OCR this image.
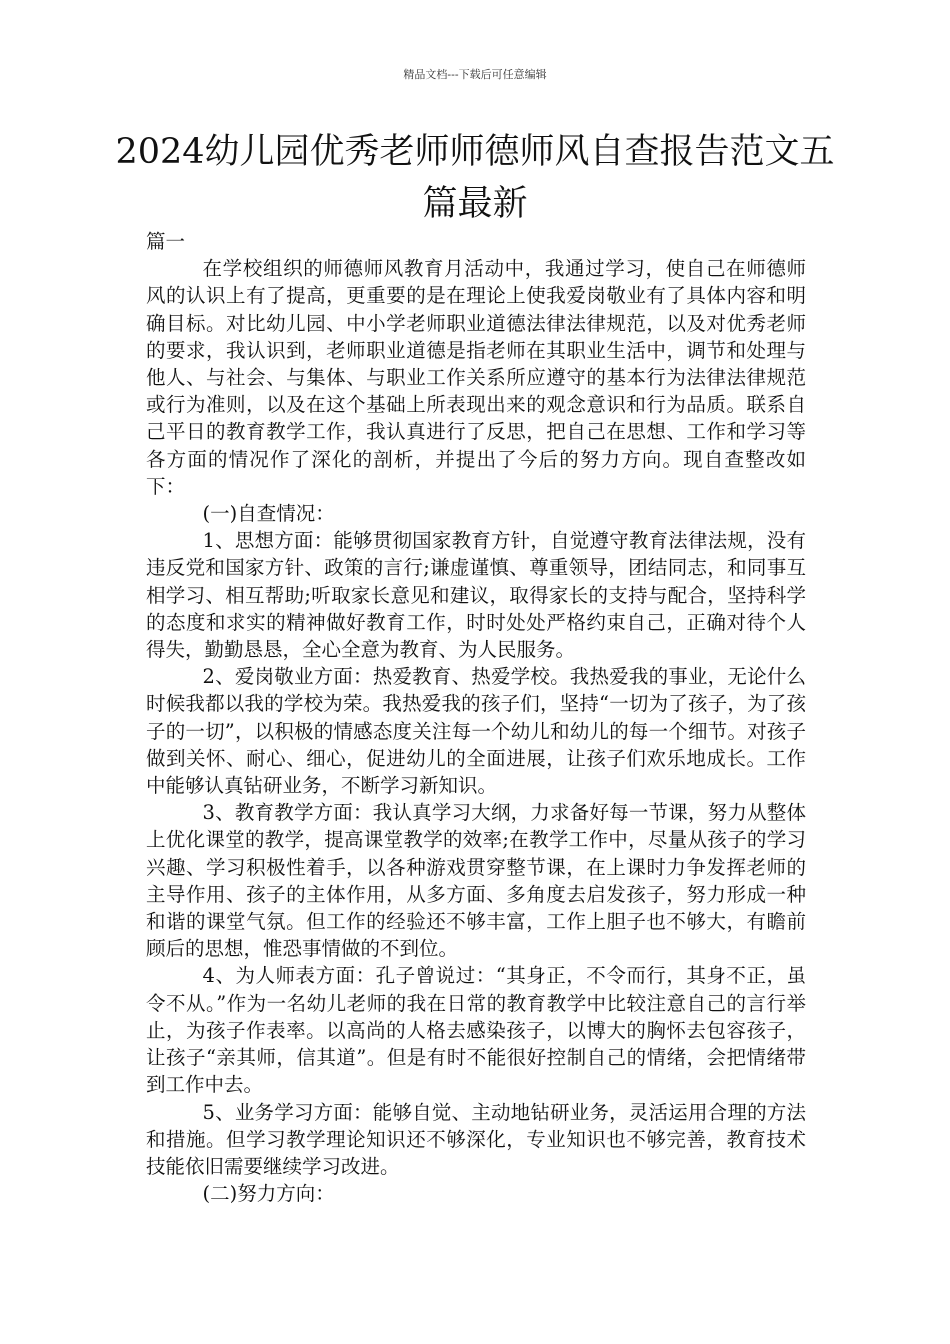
精品文档---下载后可任意编辑
2024幼儿园优秀老师师德师风自查报告范文五篇最新

篇一

在学校组织的师德师风教育月活动中，我通过学习，使自己在师德师风的认识上有了提高，更重要的是在理论上使我爱岗敬业有了具体内容和明确目标。对比幼儿园、中小学老师职业道德法律法律规范，以及对优秀老师的要求，我认识到，老师职业道德是指老师在其职业生活中，调节和处理与他人、与社会、与集体、与职业工作关系所应遵守的基本行为法律法律规范或行为准则，以及在这个基础上所表现出来的观念意识和行为品质。联系自己平日的教育教学工作，我认真进行了反思，把自己在思想、工作和学习等各方面的情况作了深化的剖析，并提出了今后的努力方向。现自查整改如下：

(一)自查情况：

1、思想方面：能够贯彻国家教育方针，自觉遵守教育法律法规，没有违反党和国家方针、政策的言行;谦虚谨慎、尊重领导，团结同志，和同事互相学习、相互帮助;听取家长意见和建议，取得家长的支持与配合，坚持科学的态度和求实的精神做好教育工作，时时处处严格约束自己，正确对待个人得失，勤勤恳恳，全心全意为教育、为人民服务。

2、爱岗敬业方面：热爱教育、热爱学校。我热爱我的事业，无论什么时候我都以我的学校为荣。我热爱我的孩子们，坚持“一切为了孩子，为了孩子的一切”，以积极的情感态度关注每一个幼儿和幼儿的每一个细节。对孩子做到关怀、耐心、细心，促进幼儿的全面进展，让孩子们欢乐地成长。工作中能够认真钻研业务，不断学习新知识。

3、教育教学方面：我认真学习大纲，力求备好每一节课，努力从整体上优化课堂的教学，提高课堂教学的效率;在教学工作中，尽量从孩子的学习兴趣、学习积极性着手，以各种游戏贯穿整节课，在上课时力争发挥老师的主导作用、孩子的主体作用，从多方面、多角度去启发孩子，努力形成一种和谐的课堂气氛。但工作的经验还不够丰富，工作上胆子也不够大，有瞻前顾后的思想，惟恐事情做的不到位。

4、为人师表方面：孔子曾说过：“其身正，不令而行，其身不正，虽令不从。”作为一名幼儿老师的我在日常的教育教学中比较注意自己的言行举止，为孩子作表率。以高尚的人格去感染孩子，以博大的胸怀去包容孩子，让孩子“亲其师，信其道”。但是有时不能很好控制自己的情绪，会把情绪带到工作中去。

5、业务学习方面：能够自觉、主动地钻研业务，灵活运用合理的方法和措施。但学习教学理论知识还不够深化，专业知识也不够完善，教育技术技能依旧需要继续学习改进。

(二)努力方向：
